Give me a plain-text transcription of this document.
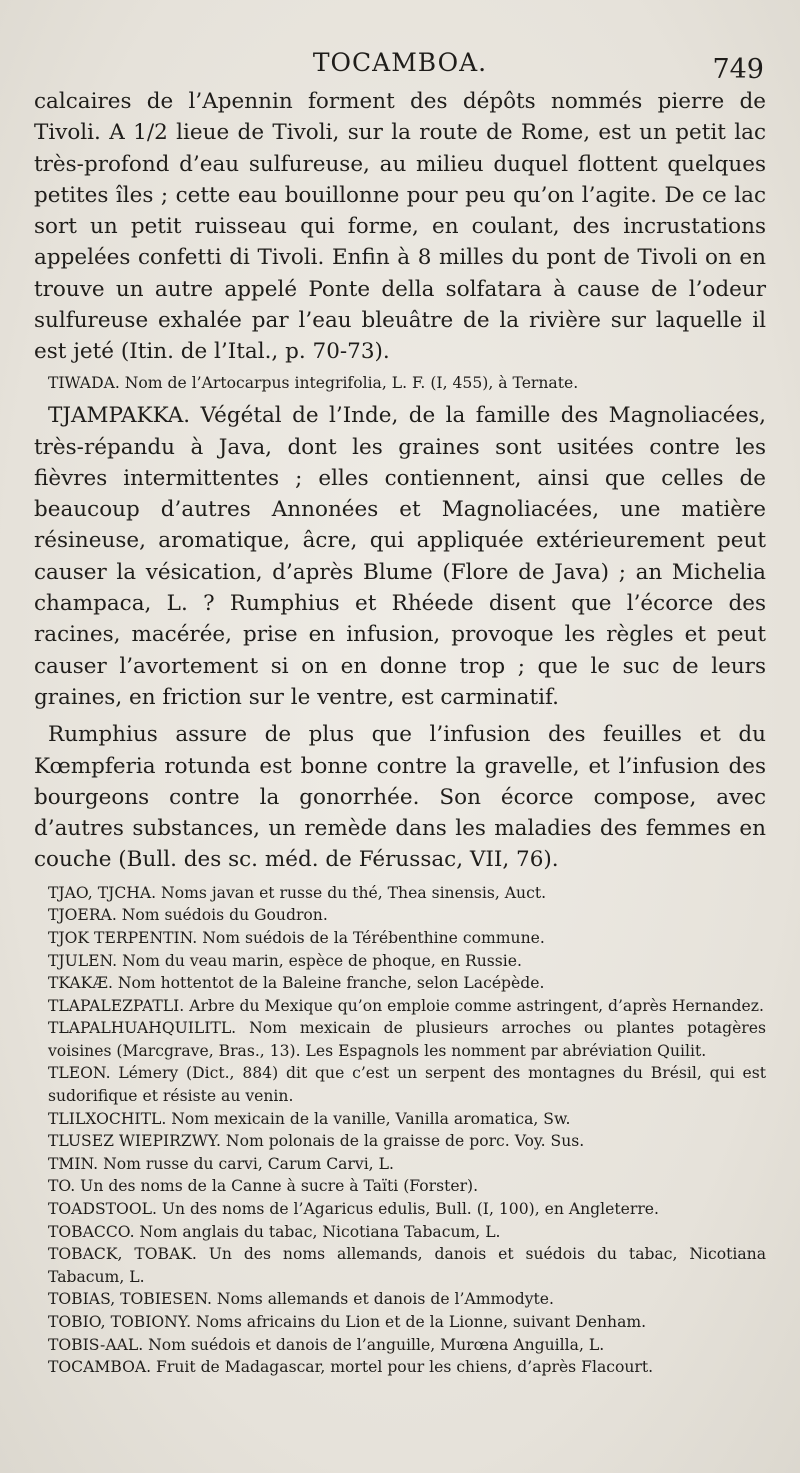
TOCAMBOA.	749

calcaires de l’Apennin forment des dépôts nommés pierre de Tivoli. A 1/2 lieue de Tivoli, sur la route de Rome, est un petit lac très-profond d’eau sulfureuse, au milieu duquel flottent quelques petites îles ; cette eau bouillonne pour peu qu’on l’agite. De ce lac sort un petit ruisseau qui forme, en coulant, des incrustations appelées confetti di Tivoli. Enfin à 8 milles du pont de Tivoli on en trouve un autre appelé Ponte della solfatara à cause de l’odeur sulfureuse exhalée par l’eau bleuâtre de la rivière sur laquelle il est jeté (Itin. de l’Ital., p. 70-73).

TIWADA. Nom de l’Artocarpus integrifolia, L. F. (I, 455), à Ternate.

TJAMPAKKA. Végétal de l’Inde, de la famille des Magnoliacées, très-répandu à Java, dont les graines sont usitées contre les fièvres intermittentes ; elles contiennent, ainsi que celles de beaucoup d’autres Annonées et Magnoliacées, une matière résineuse, aromatique, âcre, qui appliquée extérieurement peut causer la vésication, d’après Blume (Flore de Java) ; an Michelia champaca, L. ? Rumphius et Rhéede disent que l’écorce des racines, macérée, prise en infusion, provoque les règles et peut causer l’avortement si on en donne trop ; que le suc de leurs graines, en friction sur le ventre, est carminatif.

Rumphius assure de plus que l’infusion des feuilles et du Kœmpferia rotunda est bonne contre la gravelle, et l’infusion des bourgeons contre la gonorrhée. Son écorce compose, avec d’autres substances, un remède dans les maladies des femmes en couche (Bull. des sc. méd. de Férussac, VII, 76).

TJAO, TJCHA. Noms javan et russe du thé, Thea sinensis, Auct.

TJOERA. Nom suédois du Goudron.

TJOK TERPENTIN. Nom suédois de la Térébenthine commune.

TJULEN. Nom du veau marin, espèce de phoque, en Russie.

TKAKÆ. Nom hottentot de la Baleine franche, selon Lacépède.

TLAPALEZPATLI. Arbre du Mexique qu’on emploie comme astringent, d’après Hernandez.

TLAPALHUAHQUILITL. Nom mexicain de plusieurs arroches ou plantes potagères voisines (Marcgrave, Bras., 13). Les Espagnols les nomment par abréviation Quilit.

TLEON. Lémery (Dict., 884) dit que c’est un serpent des montagnes du Brésil, qui est sudorifique et résiste au venin.

TLILXOCHITL. Nom mexicain de la vanille, Vanilla aromatica, Sw.

TLUSEZ WIEPIRZWY. Nom polonais de la graisse de porc. Voy. Sus.

TMIN. Nom russe du carvi, Carum Carvi, L.

TO. Un des noms de la Canne à sucre à Taïti (Forster).

TOADSTOOL. Un des noms de l’Agaricus edulis, Bull. (I, 100), en Angleterre.

TOBACCO. Nom anglais du tabac, Nicotiana Tabacum, L.

TOBACK, TOBAK. Un des noms allemands, danois et suédois du tabac, Nicotiana Tabacum, L.

TOBIAS, TOBIESEN. Noms allemands et danois de l’Ammodyte.

TOBIO, TOBIONY. Noms africains du Lion et de la Lionne, suivant Denham.

TOBIS-AAL. Nom suédois et danois de l’anguille, Murœna Anguilla, L.

TOCAMBOA. Fruit de Madagascar, mortel pour les chiens, d’après Flacourt.
